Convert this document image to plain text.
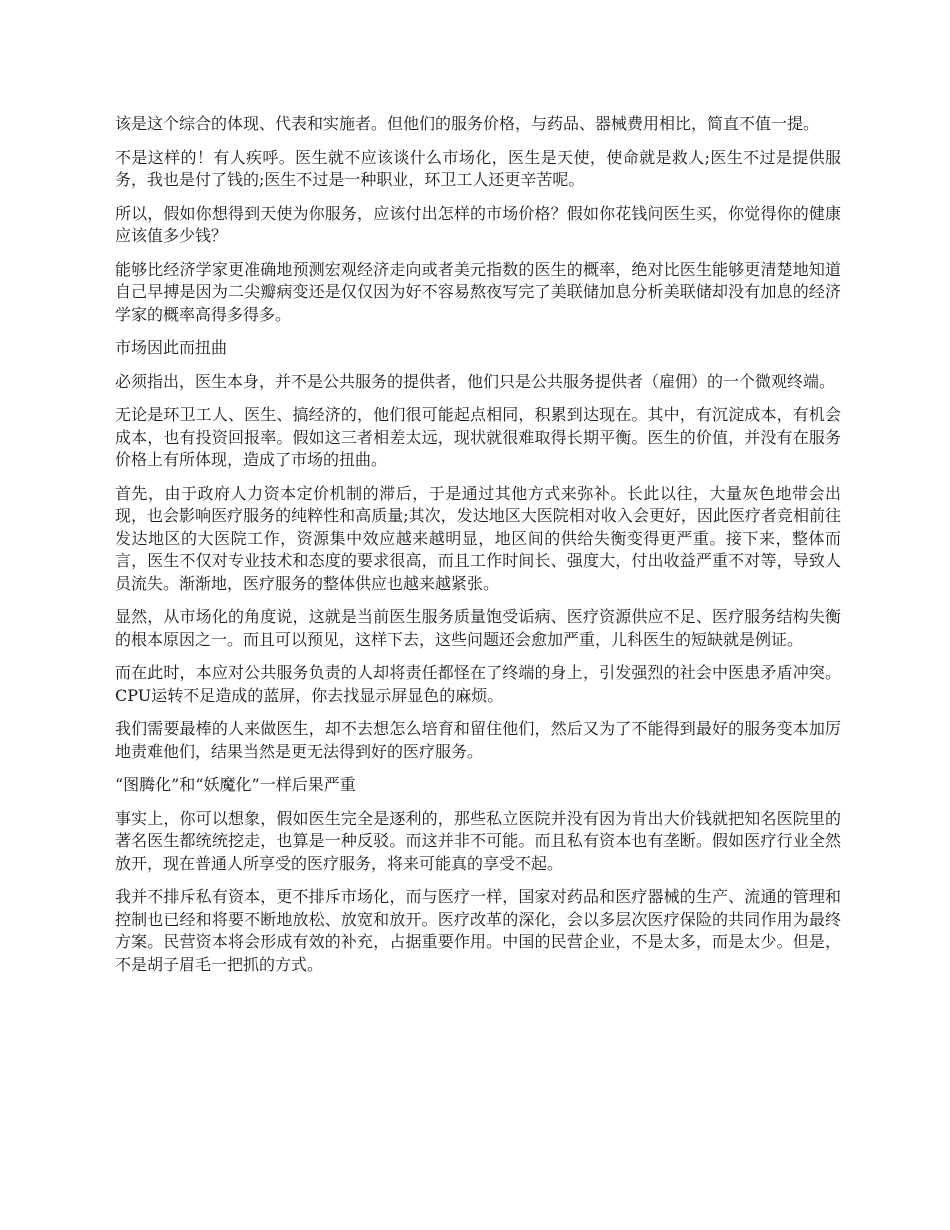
该是这个综合的体现、代表和实施者。但他们的服务价格，与药品、器械费用相比，简直不值一提。

不是这样的！有人疾呼。医生就不应该谈什么市场化，医生是天使，使命就是救人;医生不过是提供服务，我也是付了钱的;医生不过是一种职业，环卫工人还更辛苦呢。

所以，假如你想得到天使为你服务，应该付出怎样的市场价格？假如你花钱问医生买，你觉得你的健康应该值多少钱？

能够比经济学家更准确地预测宏观经济走向或者美元指数的医生的概率，绝对比医生能够更清楚地知道自己早搏是因为二尖瓣病变还是仅仅因为好不容易熬夜写完了美联储加息分析美联储却没有加息的经济学家的概率高得多得多。

市场因此而扭曲

必须指出，医生本身，并不是公共服务的提供者，他们只是公共服务提供者（雇佣）的一个微观终端。

无论是环卫工人、医生、搞经济的，他们很可能起点相同，积累到达现在。其中，有沉淀成本，有机会成本，也有投资回报率。假如这三者相差太远，现状就很难取得长期平衡。医生的价值，并没有在服务价格上有所体现，造成了市场的扭曲。

首先，由于政府人力资本定价机制的滞后，于是通过其他方式来弥补。长此以往，大量灰色地带会出现，也会影响医疗服务的纯粹性和高质量;其次，发达地区大医院相对收入会更好，因此医疗者竞相前往发达地区的大医院工作，资源集中效应越来越明显，地区间的供给失衡变得更严重。接下来，整体而言，医生不仅对专业技术和态度的要求很高，而且工作时间长、强度大，付出收益严重不对等，导致人员流失。渐渐地，医疗服务的整体供应也越来越紧张。

显然，从市场化的角度说，这就是当前医生服务质量饱受诟病、医疗资源供应不足、医疗服务结构失衡的根本原因之一。而且可以预见，这样下去，这些问题还会愈加严重，儿科医生的短缺就是例证。

而在此时，本应对公共服务负责的人却将责任都怪在了终端的身上，引发强烈的社会中医患矛盾冲突。CPU运转不足造成的蓝屏，你去找显示屏显色的麻烦。

我们需要最棒的人来做医生，却不去想怎么培育和留住他们，然后又为了不能得到最好的服务变本加厉地责难他们，结果当然是更无法得到好的医疗服务。

“图腾化”和“妖魔化”一样后果严重

事实上，你可以想象，假如医生完全是逐利的，那些私立医院并没有因为肯出大价钱就把知名医院里的著名医生都统统挖走，也算是一种反驳。而这并非不可能。而且私有资本也有垄断。假如医疗行业全然放开，现在普通人所享受的医疗服务，将来可能真的享受不起。

我并不排斥私有资本，更不排斥市场化，而与医疗一样，国家对药品和医疗器械的生产、流通的管理和控制也已经和将要不断地放松、放宽和放开。医疗改革的深化，会以多层次医疗保险的共同作用为最终方案。民营资本将会形成有效的补充，占据重要作用。中国的民营企业，不是太多，而是太少。但是，不是胡子眉毛一把抓的方式。
